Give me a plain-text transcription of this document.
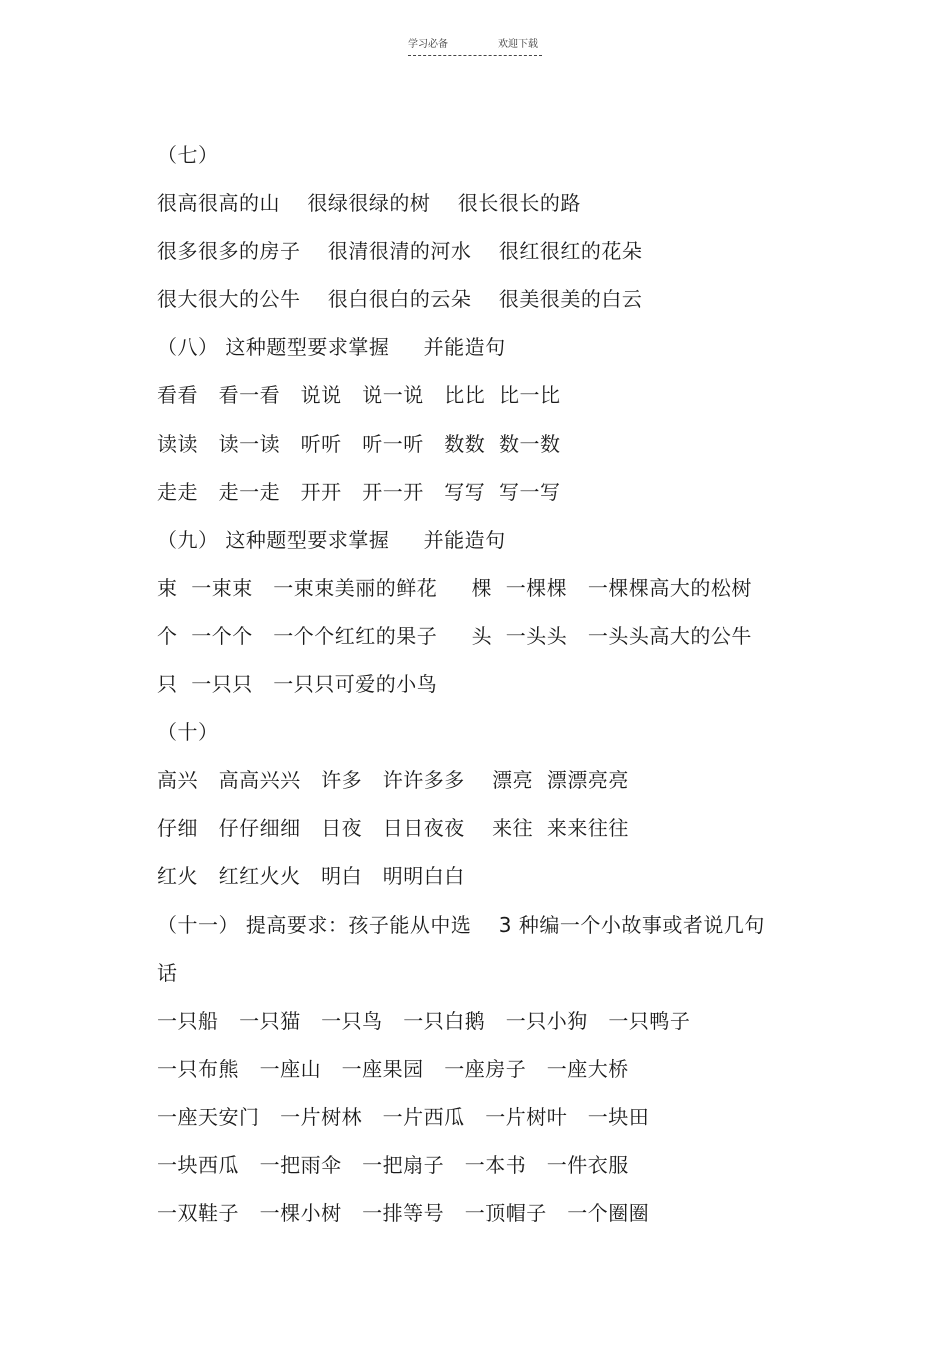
学习必备	欢迎下载
（七）
很高很高的山    很绿很绿的树    很长很长的路
很多很多的房子    很清很清的河水    很红很红的花朵
很大很大的公牛    很白很白的云朵    很美很美的白云
（八） 这种题型要求掌握     并能造句
看看   看一看   说说   说一说   比比  比一比
读读   读一读   听听   听一听   数数  数一数
走走   走一走   开开   开一开   写写  写一写
（九） 这种题型要求掌握     并能造句
束  一束束   一束束美丽的鲜花     棵  一棵棵   一棵棵高大的松树
个  一个个   一个个红红的果子     头  一头头   一头头高大的公牛
只  一只只   一只只可爱的小鸟
（十）
高兴   高高兴兴   许多   许许多多    漂亮  漂漂亮亮
仔细   仔仔细细   日夜   日日夜夜    来往  来来往往
红火   红红火火   明白   明明白白
（十一） 提高要求：孩子能从中选    3 种编一个小故事或者说几句
话
一只船   一只猫   一只鸟   一只白鹅   一只小狗   一只鸭子
一只布熊   一座山   一座果园   一座房子   一座大桥
一座天安门   一片树林   一片西瓜   一片树叶   一块田
一块西瓜   一把雨伞   一把扇子   一本书   一件衣服
一双鞋子   一棵小树   一排等号   一顶帽子   一个圈圈
